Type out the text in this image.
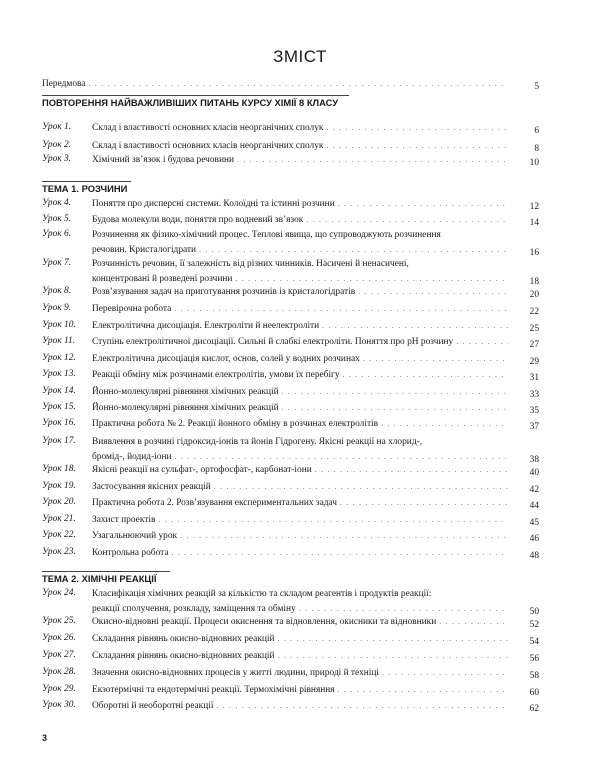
ЗМІСТ
Передмова . . .	5
ПОВТОРЕННЯ НАЙВАЖЛИВІШИХ ПИТАНЬ КУРСУ ХІМІЇ 8 КЛАСУ
Урок 1. Склад і властивості основних класів неорганічних сполук . . .	6
Урок 2. Склад і властивості основних класів неорганічних сполук . . .	8
Урок 3. Хімічний зв’язок і будова речовини . . .	10
ТЕМА 1. РОЗЧИНИ
Урок 4. Поняття про дисперсні системи. Колоїдні та істинні розчини . . .	12
Урок 5. Будова молекули води, поняття про водневий зв’язок . . .	14
Урок 6. Розчинення як фізико-хімічний процес. Теплові явища, що супроводжують розчинення
речовин. Кристалогідрати . . .	16
Урок 7. Розчинність речовин, її залежність від різних чинників. Насичені й ненасичені,
концентровані й розведені розчини . . .	18
Урок 8. Розв’язування задач на приготування розчинів із кристалогідратів . . .	20
Урок 9. Перевірочна робота . . .	22
Урок 10. Електролітична дисоціація. Електроліти й неелектроліти . . .	25
Урок 11. Ступінь електролітичної дисоціації. Сильні й слабкі електроліти. Поняття про pH розчину . . .	27
Урок 12. Електролітична дисоціація кислот, основ, солей у водних розчинах . . .	29
Урок 13. Реакції обміну між розчинами електролітів, умови їх перебігу . . .	31
Урок 14. Йонно-молекулярні рівняння хімічних реакцій . . .	33
Урок 15. Йонно-молекулярні рівняння хімічних реакцій . . .	35
Урок 16. Практична робота № 2. Реакції йонного обміну в розчинах електролітів . . .	37
Урок 17. Виявлення в розчині гідроксид-іонів та йонів Гідрогену. Якісні реакції на хлорид-,
бромід-, йодид-іони . . .	38
Урок 18. Якісні реакції на сульфат-, ортофосфат-, карбонат-іони . . .	40
Урок 19. Застосування якісних реакцій . . .	42
Урок 20. Практична робота 2. Розв’язування експериментальних задач . . .	44
Урок 21. Захист проектів . . .	45
Урок 22. Узагальнюючий урок . . .	46
Урок 23. Контрольна робота . . .	48
ТЕМА 2. ХІМІЧНІ РЕАКЦІЇ
Урок 24. Класифікація хімічних реакцій за кількістю та складом реагентів і продуктів реакції:
реакції сполучення, розкладу, заміщення та обміну . . .	50
Урок 25. Окисно-відновні реакції. Процеси окиснення та відновлення, окисники та відновники . . .	52
Урок 26. Складання рівнянь окисно-відновних реакцій . . .	54
Урок 27. Складання рівнянь окисно-відновних реакцій . . .	56
Урок 28. Значення окисно-відновних процесів у житті людини, природі й техніці . . .	58
Урок 29. Екзотермічні та ендотермічні реакції. Термохімічні рівняння . . .	60
Урок 30. Оборотні й необоротні реакції . . .	62
3
